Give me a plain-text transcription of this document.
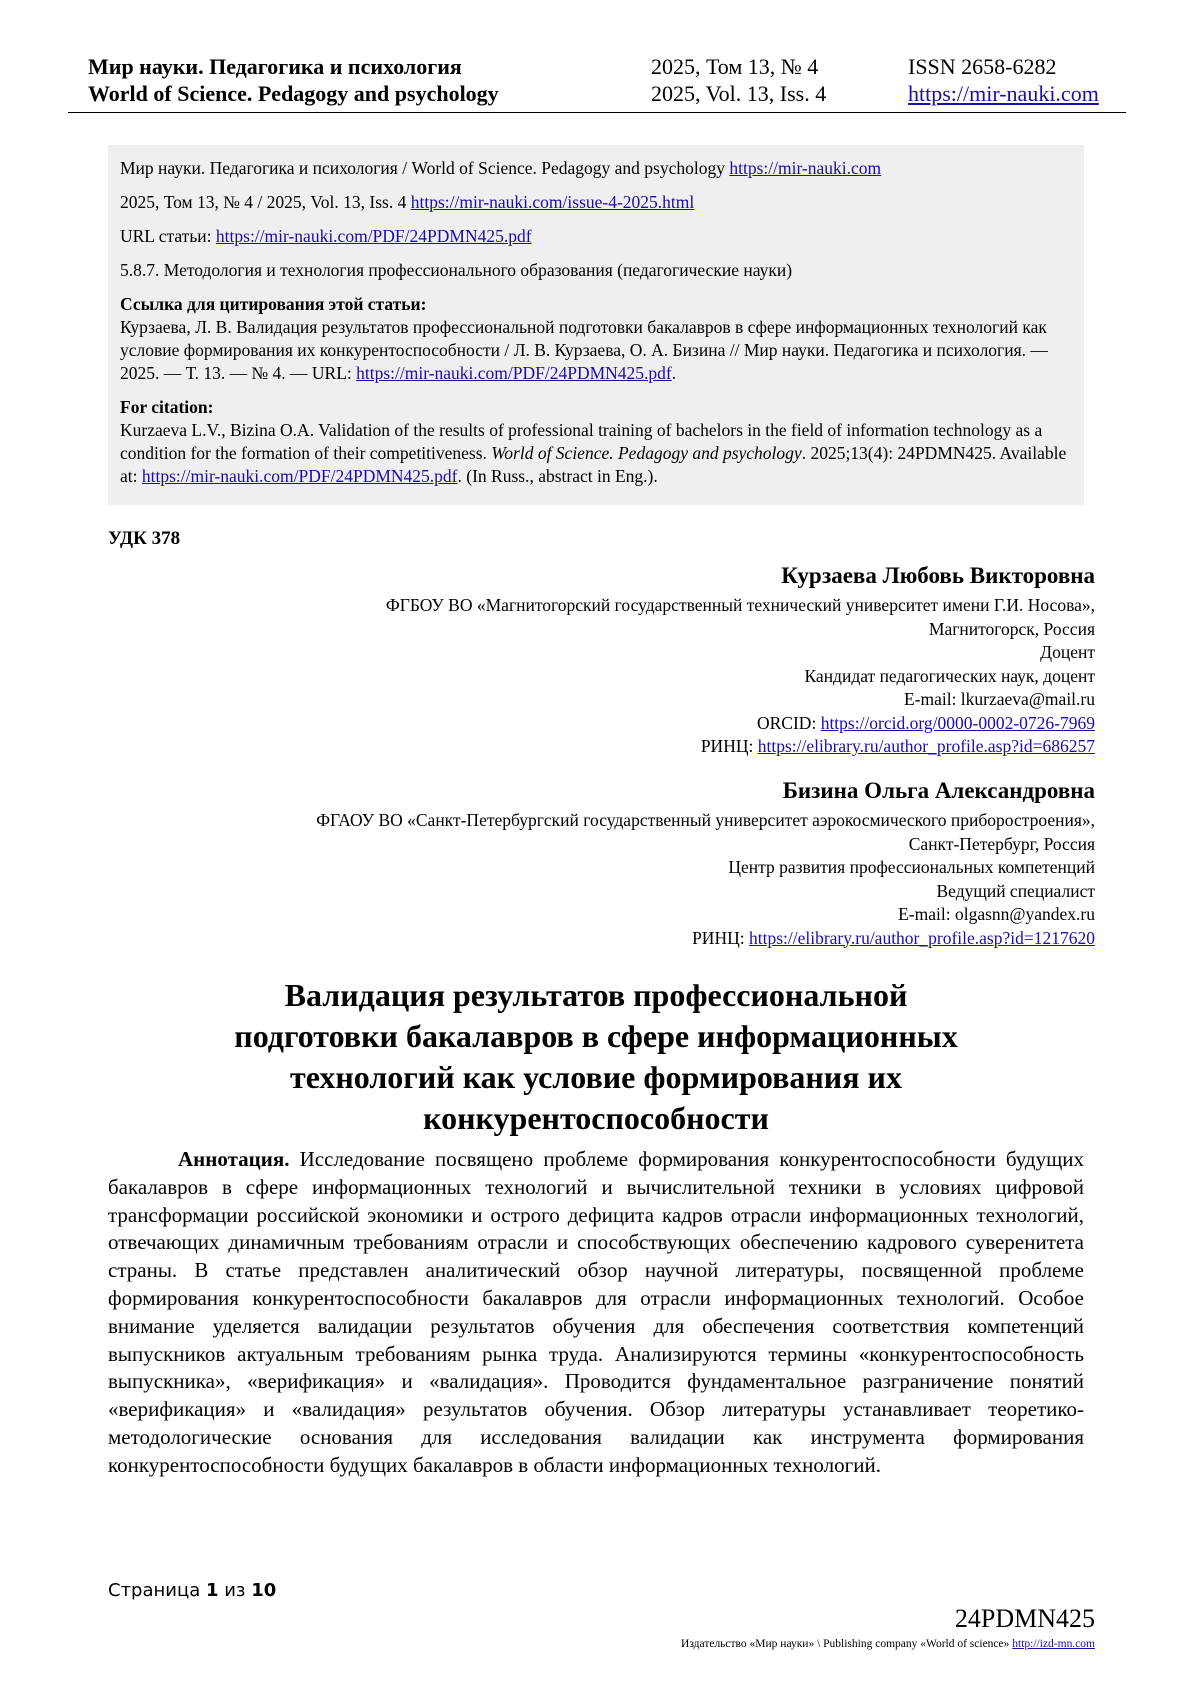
Мир науки. Педагогика и психология	2025, Том 13, № 4	ISSN 2658-6282
World of Science. Pedagogy and psychology	2025, Vol. 13, Iss. 4	https://mir-nauki.com

Мир науки. Педагогика и психология / World of Science. Pedagogy and psychology https://mir-nauki.com

2025, Том 13, № 4 / 2025, Vol. 13, Iss. 4 https://mir-nauki.com/issue-4-2025.html

URL статьи: https://mir-nauki.com/PDF/24PDMN425.pdf

5.8.7. Методология и технология профессионального образования (педагогические науки)

Ссылка для цитирования этой статьи:
Курзаева, Л. В. Валидация результатов профессиональной подготовки бакалавров в сфере информационных технологий как условие формирования их конкурентоспособности / Л. В. Курзаева, О. А. Бизина // Мир науки. Педагогика и психология. — 2025. — Т. 13. — № 4. — URL: https://mir-nauki.com/PDF/24PDMN425.pdf.
For citation:
Kurzaeva L.V., Bizina O.A. Validation of the results of professional training of bachelors in the field of information technology as a condition for the formation of their competitiveness. World of Science. Pedagogy and psychology. 2025;13(4): 24PDMN425. Available at: https://mir-nauki.com/PDF/24PDMN425.pdf. (In Russ., abstract in Eng.).
УДК 378
Курзаева Любовь Викторовна
ФГБОУ ВО «Магнитогорский государственный технический университет имени Г.И. Носова»,
Магнитогорск, Россия
Доцент
Кандидат педагогических наук, доцент
E-mail: lkurzaeva@mail.ru
ORCID: https://orcid.org/0000-0002-0726-7969
РИНЦ: https://elibrary.ru/author_profile.asp?id=686257
Бизина Ольга Александровна
ФГАОУ ВО «Санкт-Петербургский государственный университет аэрокосмического приборостроения»,
Санкт-Петербург, Россия
Центр развития профессиональных компетенций
Ведущий специалист
E-mail: olgasnn@yandex.ru
РИНЦ: https://elibrary.ru/author_profile.asp?id=1217620
Валидация результатов профессиональной
подготовки бакалавров в сфере информационных
технологий как условие формирования их
конкурентоспособности
Аннотация. Исследование посвящено проблеме формирования конкурентоспособности будущих бакалавров в сфере информационных технологий и вычислительной техники в условиях цифровой трансформации российской экономики и острого дефицита кадров отрасли информационных технологий, отвечающих динамичным требованиям отрасли и способствующих обеспечению кадрового суверенитета страны. В статье представлен аналитический обзор научной литературы, посвященной проблеме формирования конкурентоспособности бакалавров для отрасли информационных технологий. Особое внимание уделяется валидации результатов обучения для обеспечения соответствия компетенций выпускников актуальным требованиям рынка труда. Анализируются термины «конкурентоспособность выпускника», «верификация» и «валидация». Проводится фундаментальное разграничение понятий «верификация» и «валидация» результатов обучения. Обзор литературы устанавливает теоретико-методологические основания для исследования валидации как инструмента формирования конкурентоспособности будущих бакалавров в области информационных технологий.
Страница 1 из 10
24PDMN425
Издательство «Мир науки» \ Publishing company «World of science» http://izd-mn.com
